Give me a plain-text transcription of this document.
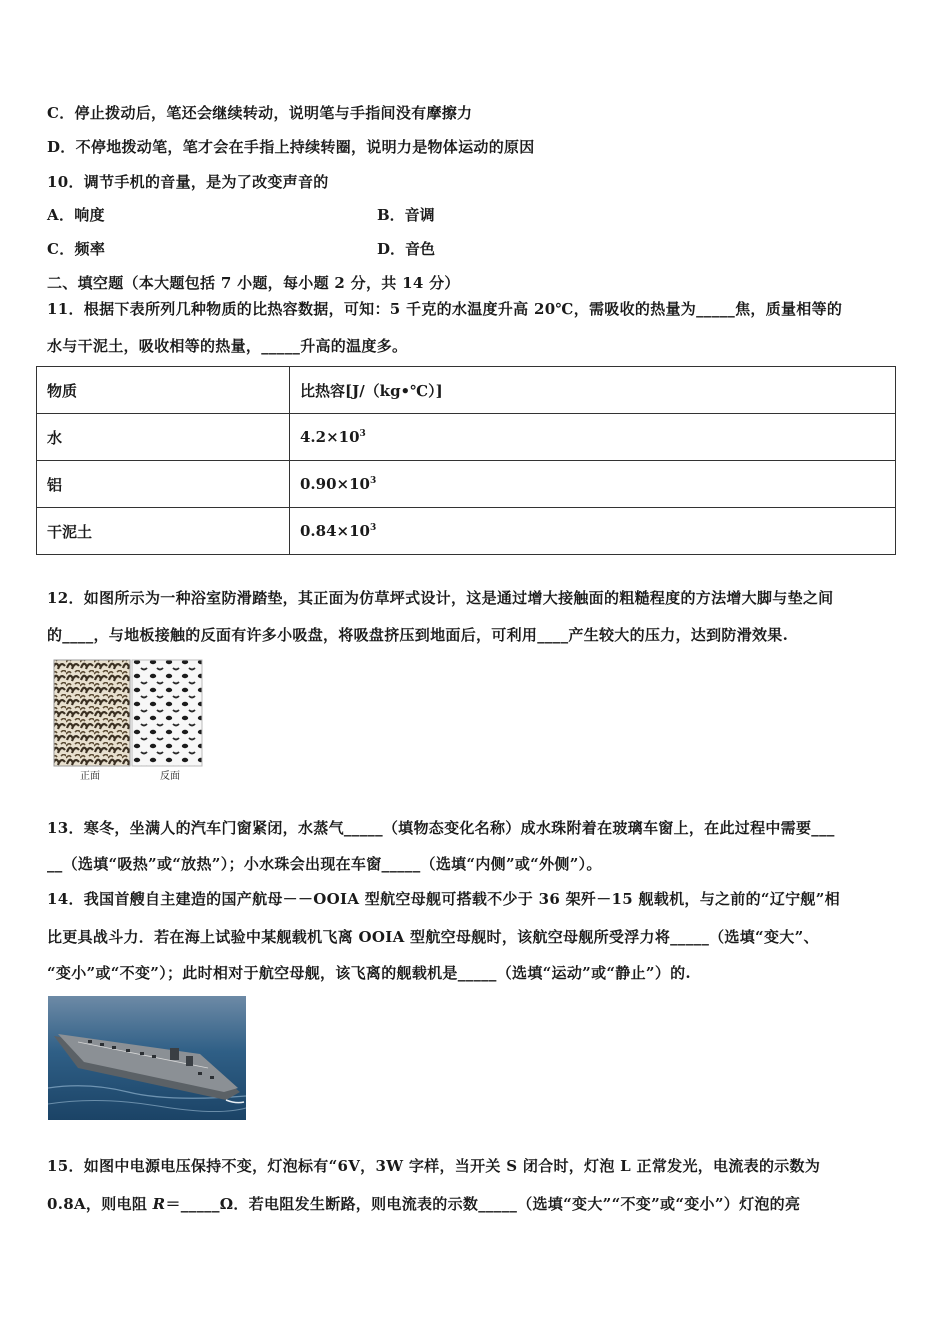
C．停止拨动后，笔还会继续转动，说明笔与手指间没有摩擦力
D．不停地拨动笔，笔才会在手指上持续转圈，说明力是物体运动的原因
10．调节手机的音量，是为了改变声音的
A．响度	B．音调
C．频率	D．音色
二、填空题（本大题包括 7 小题，每小题 2 分，共 14 分）
11．根据下表所列几种物质的比热容数据，可知：5 千克的水温度升高 20℃，需吸收的热量为_____焦，质量相等的
水与干泥土，吸收相等的热量，_____升高的温度多。
物质	比热容[J/（kg•℃）]
水	$4.2\times 10^3$
铝	$0.90\times 10^3$
干泥土	$0.84\times 10^3$
12．如图所示为一种浴室防滑踏垫，其正面为仿草坪式设计，这是通过增大接触面的粗糙程度的方法增大脚与垫之间
的____，与地板接触的反面有许多小吸盘，将吸盘挤压到地面后，可利用____产生较大的压力，达到防滑效果.
正面	反面
13．寒冬，坐满人的汽车门窗紧闭，水蒸气_____（填物态变化名称）成水珠附着在玻璃车窗上，在此过程中需要___
__（选填“吸热”或“放热”）；小水珠会出现在车窗_____（选填“内侧”或“外侧”）。
14．我国首艘自主建造的国产航母－－OOIA 型航空母舰可搭载不少于 36 架歼－15 舰载机，与之前的“辽宁舰”相
比更具战斗力．若在海上试验中某舰载机飞离 OOIA 型航空母舰时，该航空母舰所受浮力将_____（选填“变大”、
“变小”或“不变”）；此时相对于航空母舰，该飞离的舰载机是_____（选填“运动”或“静止”）的.
15．如图中电源电压保持不变，灯泡标有“6V，3W 字样，当开关 S 闭合时，灯泡 L 正常发光，电流表的示数为
0.8A，则电阻 R＝_____Ω．若电阻发生断路，则电流表的示数_____（选填“变大”“不变”或“变小”）灯泡的亮
